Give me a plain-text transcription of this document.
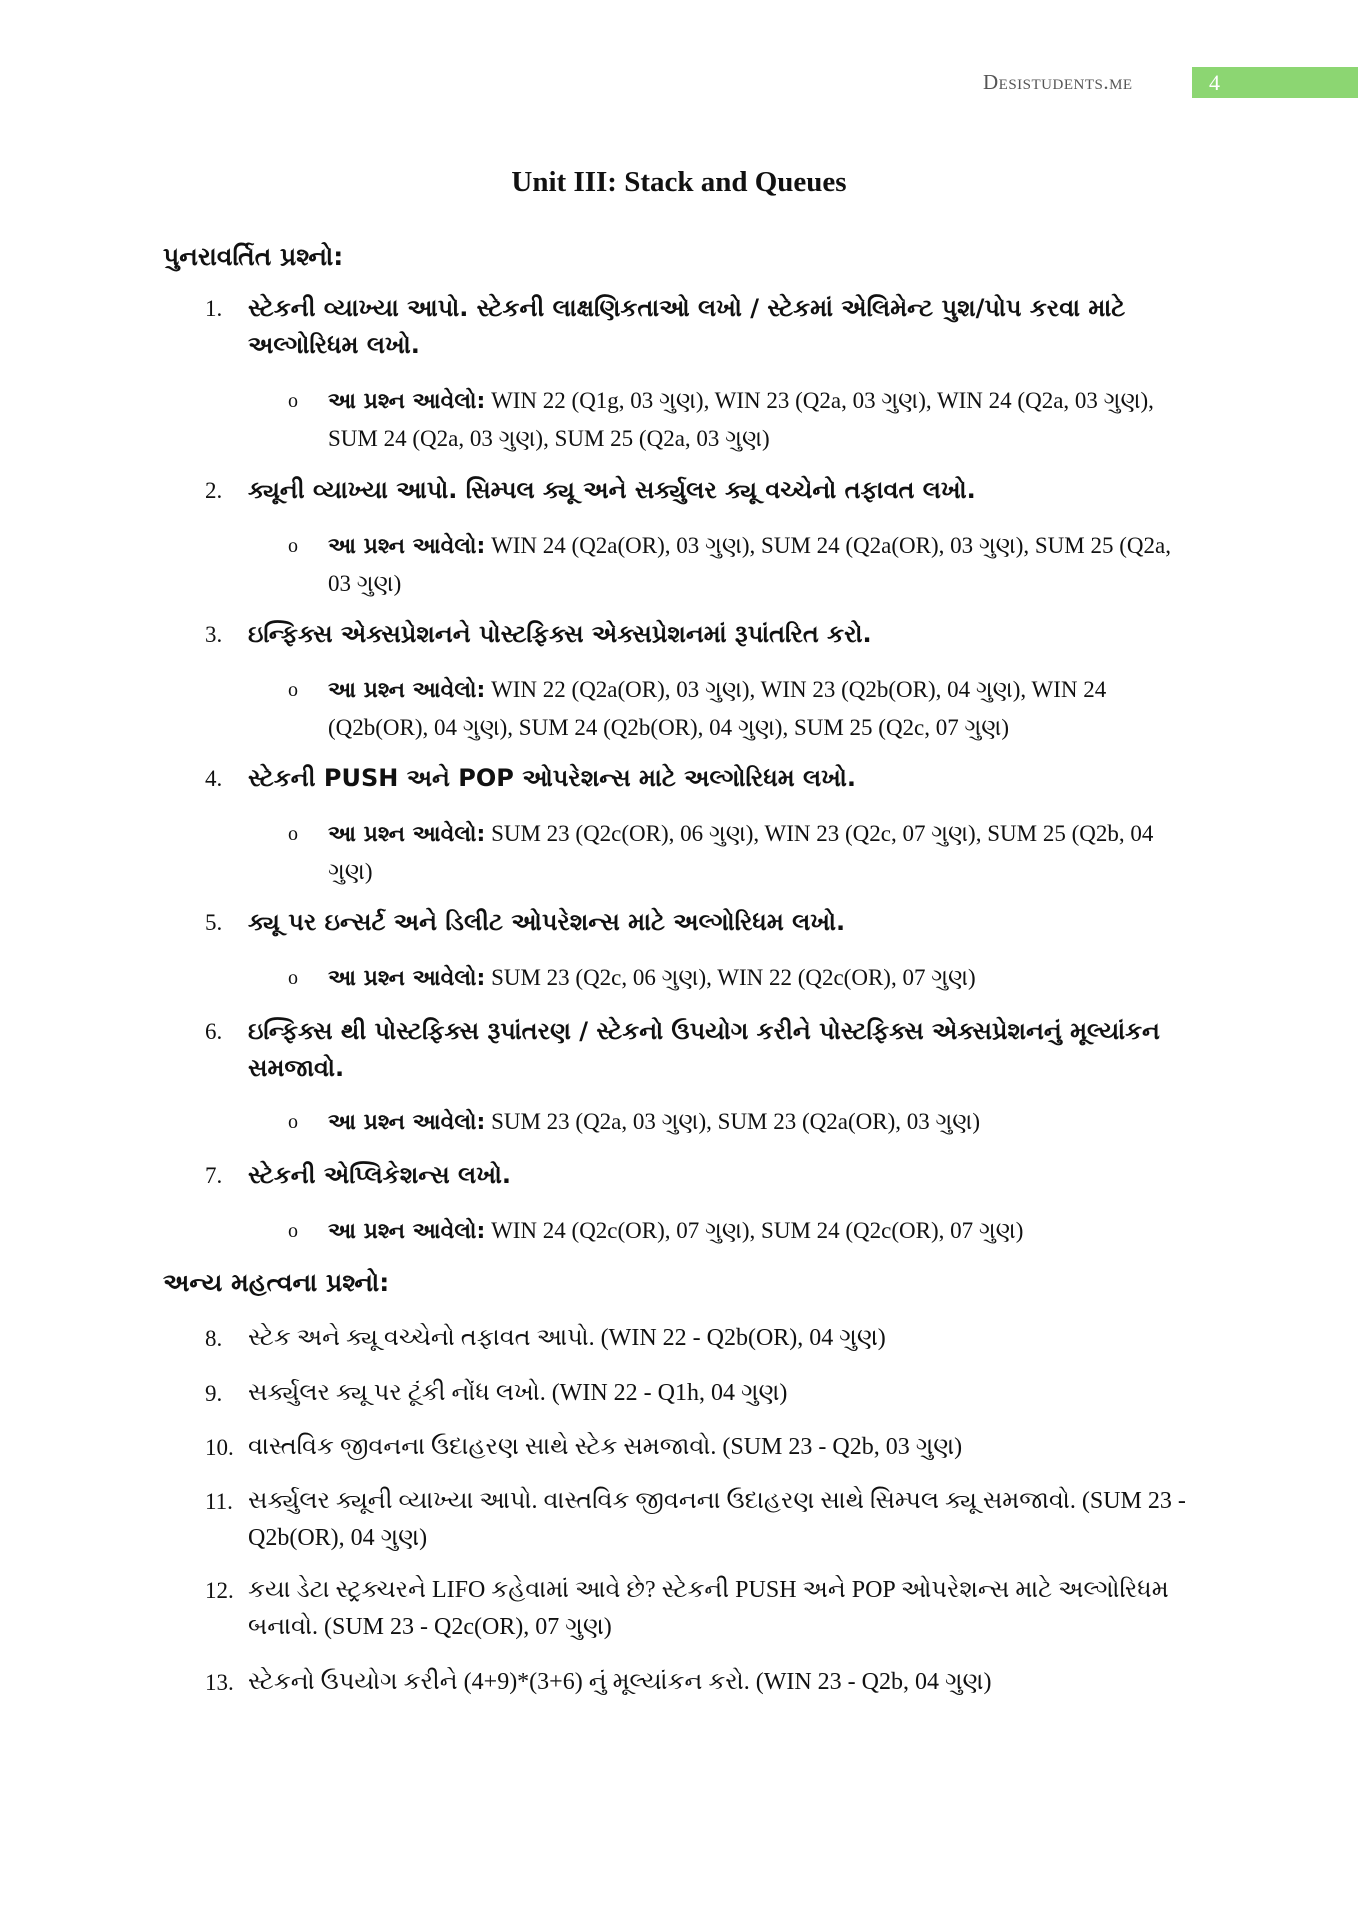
Desistudents.me	4
Unit III: Stack and Queues
પુનરાવર્તિત પ્રશ્નો:
1. સ્ટેકની વ્યાખ્યા આપો. સ્ટેકની લાક્ષણિકતાઓ લખો / સ્ટેકમાં એલિમેન્ટ પુશ/પોપ કરવા માટે અલ્ગોરિધમ લખો.
o આ પ્રશ્ન આવેલો: WIN 22 (Q1g, 03 ગુણ), WIN 23 (Q2a, 03 ગુણ), WIN 24 (Q2a, 03 ગુણ), SUM 24 (Q2a, 03 ગુણ), SUM 25 (Q2a, 03 ગુણ)
2. ક્યૂની વ્યાખ્યા આપો. સિમ્પલ ક્યૂ અને સર્ક્યુલર ક્યૂ વચ્ચેનો તફાવત લખો.
o આ પ્રશ્ન આવેલો: WIN 24 (Q2a(OR), 03 ગુણ), SUM 24 (Q2a(OR), 03 ગુણ), SUM 25 (Q2a, 03 ગુણ)
3. ઇન્ફિક્સ એક્સપ્રેશનને પોસ્ટફિક્સ એક્સપ્રેશનમાં રૂપાંતરિત કરો.
o આ પ્રશ્ન આવેલો: WIN 22 (Q2a(OR), 03 ગુણ), WIN 23 (Q2b(OR), 04 ગુણ), WIN 24 (Q2b(OR), 04 ગુણ), SUM 24 (Q2b(OR), 04 ગુણ), SUM 25 (Q2c, 07 ગુણ)
4. સ્ટેકની PUSH અને POP ઓપરેશન્સ માટે અલ્ગોરિધમ લખો.
o આ પ્રશ્ન આવેલો: SUM 23 (Q2c(OR), 06 ગુણ), WIN 23 (Q2c, 07 ગુણ), SUM 25 (Q2b, 04 ગુણ)
5. ક્યૂ પર ઇન્સર્ટ અને ડિલીટ ઓપરેશન્સ માટે અલ્ગોરિધમ લખો.
o આ પ્રશ્ન આવેલો: SUM 23 (Q2c, 06 ગુણ), WIN 22 (Q2c(OR), 07 ગુણ)
6. ઇન્ફિક્સ થી પોસ્ટફિક્સ રૂપાંતરણ / સ્ટેકનો ઉપયોગ કરીને પોસ્ટફિક્સ એક્સપ્રેશનનું મૂલ્યાંકન સમજાવો.
o આ પ્રશ્ન આવેલો: SUM 23 (Q2a, 03 ગુણ), SUM 23 (Q2a(OR), 03 ગુણ)
7. સ્ટેકની એપ્લિકેશન્સ લખો.
o આ પ્રશ્ન આવેલો: WIN 24 (Q2c(OR), 07 ગુણ), SUM 24 (Q2c(OR), 07 ગુણ)
અન્ય મહત્વના પ્રશ્નો:
8. સ્ટેક અને ક્યૂ વચ્ચેનો તફાવત આપો. (WIN 22 - Q2b(OR), 04 ગુણ)
9. સર્ક્યુલર ક્યૂ પર ટૂંકી નોંધ લખો. (WIN 22 - Q1h, 04 ગુણ)
10. વાસ્તવિક જીવનના ઉદાહરણ સાથે સ્ટેક સમજાવો. (SUM 23 - Q2b, 03 ગુણ)
11. સર્ક્યુલર ક્યૂની વ્યાખ્યા આપો. વાસ્તવિક જીવનના ઉદાહરણ સાથે સિમ્પલ ક્યૂ સમજાવો. (SUM 23 - Q2b(OR), 04 ગુણ)
12. કયા ડેટા સ્ટ્રક્ચરને LIFO કહેવામાં આવે છે? સ્ટેકની PUSH અને POP ઓપરેશન્સ માટે અલ્ગોરિધમ બનાવો. (SUM 23 - Q2c(OR), 07 ગુણ)
13. સ્ટેકનો ઉપયોગ કરીને (4+9)*(3+6) નું મૂલ્યાંકન કરો. (WIN 23 - Q2b, 04 ગુણ)
